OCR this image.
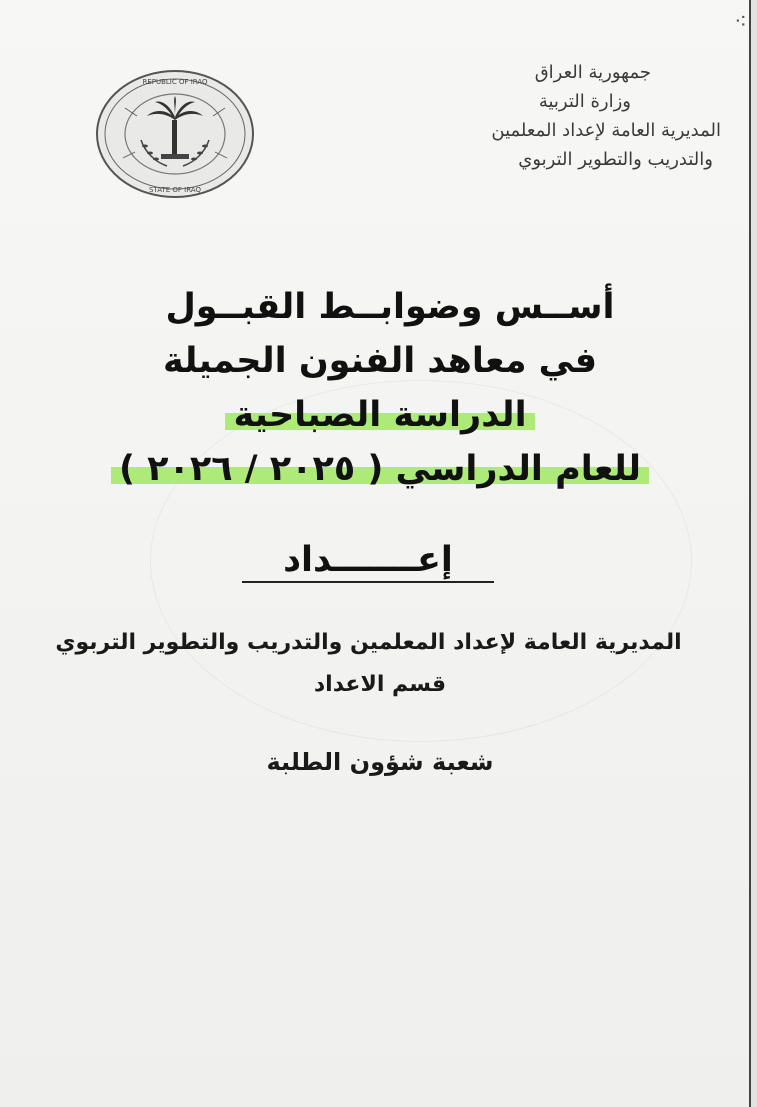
⁖
REPUBLIC OF IRAQ
STATE OF IRAQ
جمهورية العراق
وزارة التربية
المديرية العامة لإعداد المعلمين
والتدريب والتطوير التربوي
أســس وضوابــط القبــول
في معاهد الفنون الجميلة
الدراسة الصباحية
للعام الدراسي ( ٢٠٢٥ / ٢٠٢٦ )
إعـــــــداد
المديرية العامة لإعداد المعلمين والتدريب والتطوير التربوي
قسم الاعداد
شعبة شؤون الطلبة
